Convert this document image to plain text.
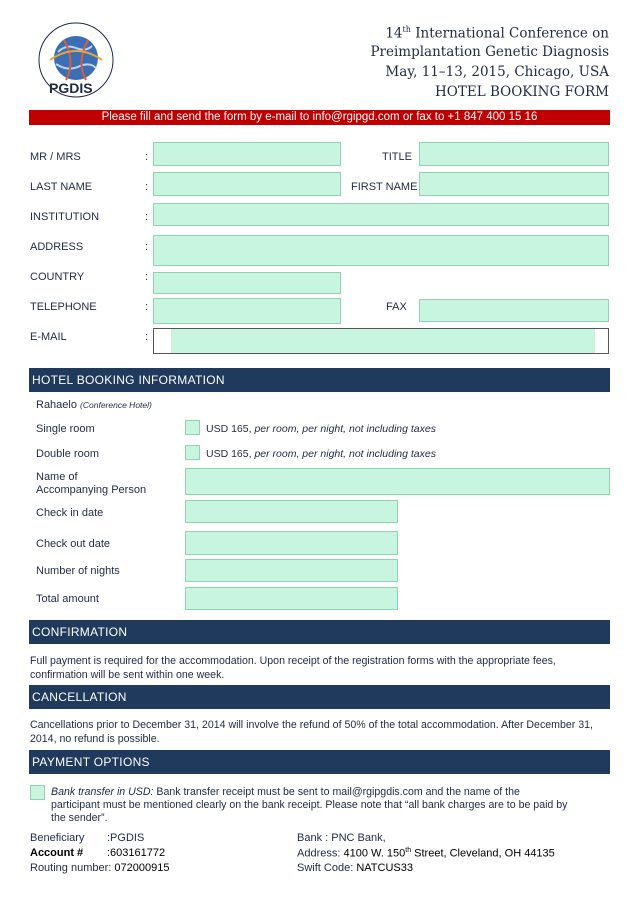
PGDIS
14th International Conference on
Preimplantation Genetic Diagnosis
May, 11–13, 2015, Chicago, USA
HOTEL BOOKING FORM
Please fill and send the form by e-mail to info@rgipgd.com or fax to +1 847 400 15 16
MR / MRS	:	TITLE
LAST NAME	:	FIRST NAME
INSTITUTION	:
ADDRESS	:
COUNTRY	:
TELEPHONE	:	FAX
E-MAIL	:
HOTEL BOOKING INFORMATION
Rahaelo (Conference Hotel)
Single room	USD 165, per room, per night, not including taxes
Double room	USD 165, per room, per night, not including taxes
Name of
Accompanying Person
Check in date
Check out date
Number of nights
Total amount
CONFIRMATION
Full payment is required for the accommodation. Upon receipt of the registration forms with the appropriate fees, confirmation will be sent within one week.
CANCELLATION
Cancellations prior to December 31, 2014 will involve the refund of 50% of the total accommodation. After December 31, 2014, no refund is possible.
PAYMENT OPTIONS
Bank transfer in USD: Bank transfer receipt must be sent to mail@rgipgdis.com and the name of the
participant must be mentioned clearly on the bank receipt. Please note that “all bank charges are to be paid by
the sender”.
Beneficiary :PGDIS
Account # :603161772
Routing number: 072000915
Bank : PNC Bank,
Address: 4100 W. 150th Street, Cleveland, OH 44135
Swift Code: NATCUS33
